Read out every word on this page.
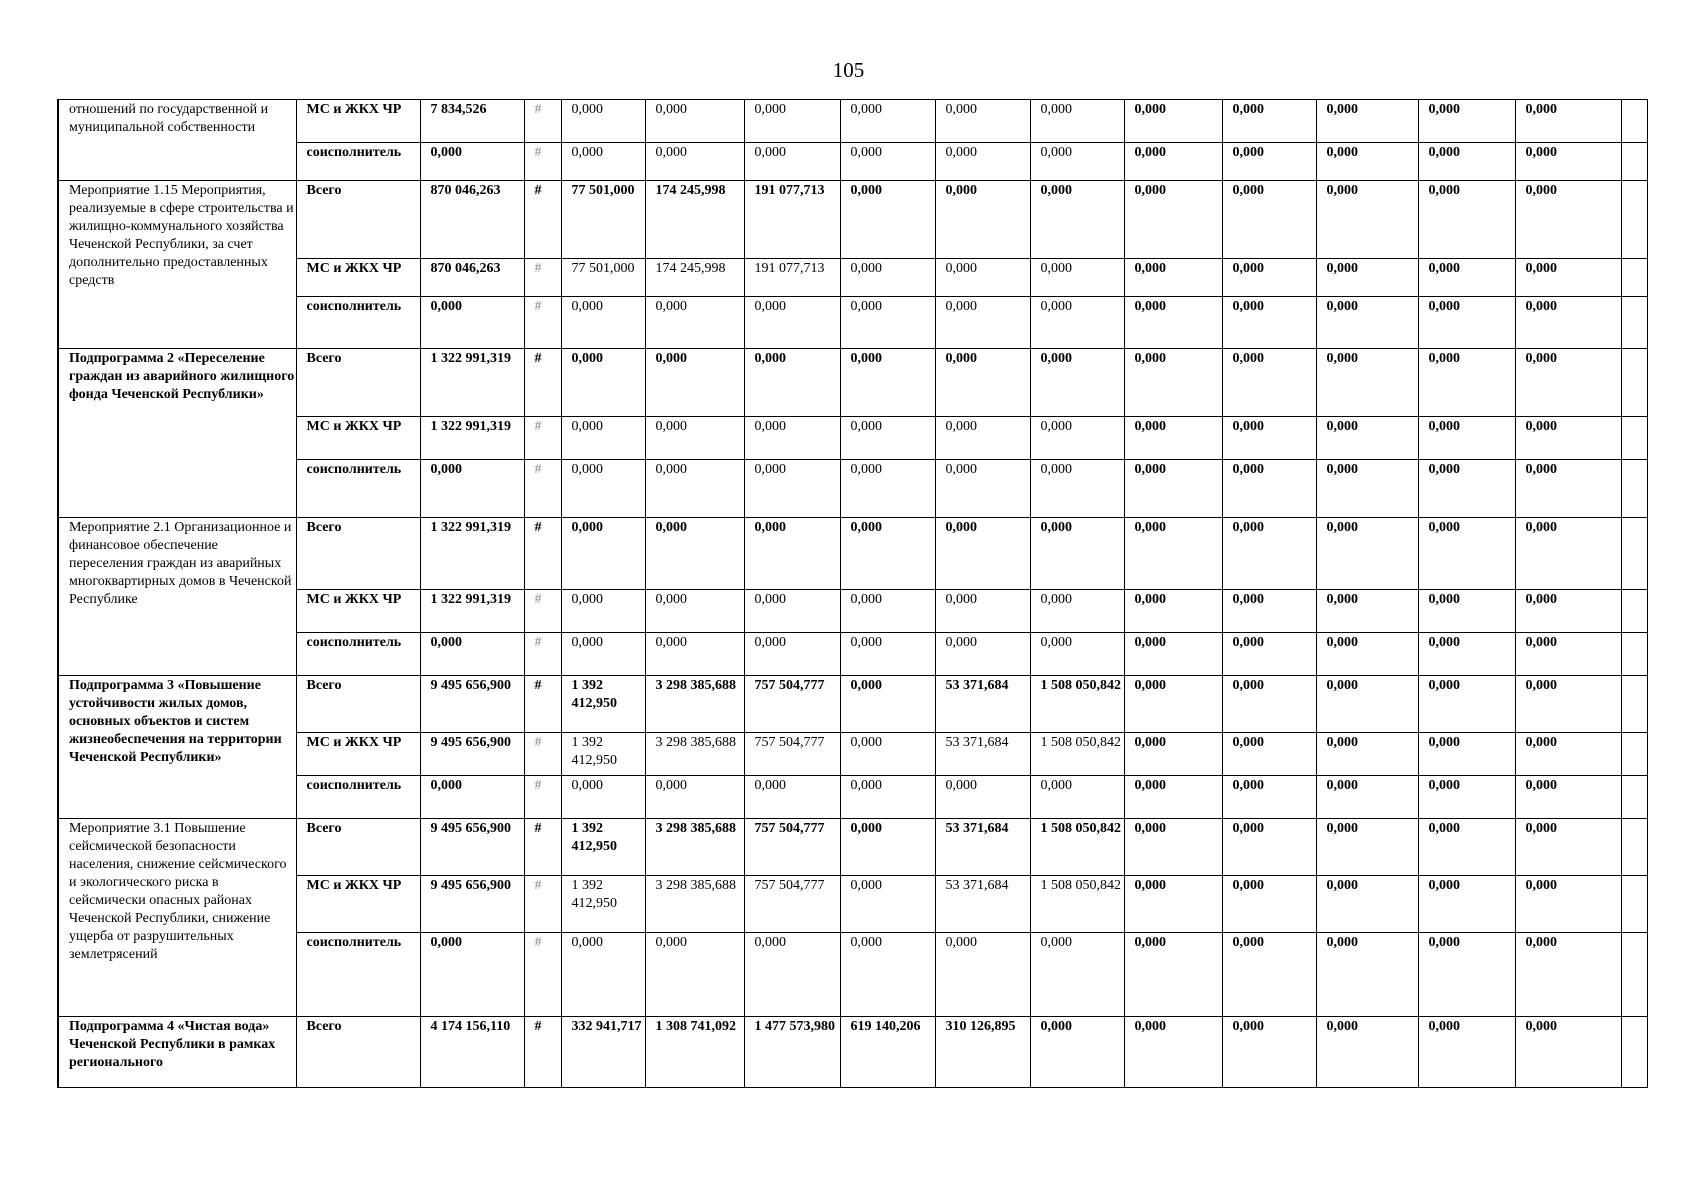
105
отношений по государственной и муниципальной собственности	МС и ЖКХ ЧР	7 834,526	#	0,000	0,000	0,000	0,000	0,000	0,000	0,000	0,000	0,000	0,000	0,000	
	соисполнитель	0,000	#	0,000	0,000	0,000	0,000	0,000	0,000	0,000	0,000	0,000	0,000	0,000	
Мероприятие 1.15 Мероприятия, реализуемые в сфере строительства и жилищно-коммунального хозяйства Чеченской Республики, за счет дополнительно предоставленных средств	Всего	870 046,263	#	77 501,000	174 245,998	191 077,713	0,000	0,000	0,000	0,000	0,000	0,000	0,000	0,000	
	МС и ЖКХ ЧР	870 046,263	#	77 501,000	174 245,998	191 077,713	0,000	0,000	0,000	0,000	0,000	0,000	0,000	0,000	
	соисполнитель	0,000	#	0,000	0,000	0,000	0,000	0,000	0,000	0,000	0,000	0,000	0,000	0,000	
Подпрограмма 2 «Переселение граждан из аварийного жилищного фонда Чеченской Республики»	Всего	1 322 991,319	#	0,000	0,000	0,000	0,000	0,000	0,000	0,000	0,000	0,000	0,000	0,000	
	МС и ЖКХ ЧР	1 322 991,319	#	0,000	0,000	0,000	0,000	0,000	0,000	0,000	0,000	0,000	0,000	0,000	
	соисполнитель	0,000	#	0,000	0,000	0,000	0,000	0,000	0,000	0,000	0,000	0,000	0,000	0,000	
Мероприятие 2.1 Организационное и финансовое обеспечение переселения граждан из аварийных многоквартирных домов в Чеченской Республике	Всего	1 322 991,319	#	0,000	0,000	0,000	0,000	0,000	0,000	0,000	0,000	0,000	0,000	0,000	
	МС и ЖКХ ЧР	1 322 991,319	#	0,000	0,000	0,000	0,000	0,000	0,000	0,000	0,000	0,000	0,000	0,000	
	соисполнитель	0,000	#	0,000	0,000	0,000	0,000	0,000	0,000	0,000	0,000	0,000	0,000	0,000	
Подпрограмма 3 «Повышение устойчивости жилых домов, основных объектов и систем жизнеобеспечения на территории Чеченской Республики»	Всего	9 495 656,900	#	1 392 412,950	3 298 385,688	757 504,777	0,000	53 371,684	1 508 050,842	0,000	0,000	0,000	0,000	0,000	
	МС и ЖКХ ЧР	9 495 656,900	#	1 392 412,950	3 298 385,688	757 504,777	0,000	53 371,684	1 508 050,842	0,000	0,000	0,000	0,000	0,000	
	соисполнитель	0,000	#	0,000	0,000	0,000	0,000	0,000	0,000	0,000	0,000	0,000	0,000	0,000	
Мероприятие 3.1 Повышение сейсмической безопасности населения, снижение сейсмического и экологического риска в сейсмически опасных районах Чеченской Республики, снижение ущерба от разрушительных землетрясений	Всего	9 495 656,900	#	1 392 412,950	3 298 385,688	757 504,777	0,000	53 371,684	1 508 050,842	0,000	0,000	0,000	0,000	0,000	
	МС и ЖКХ ЧР	9 495 656,900	#	1 392 412,950	3 298 385,688	757 504,777	0,000	53 371,684	1 508 050,842	0,000	0,000	0,000	0,000	0,000	
	соисполнитель	0,000	#	0,000	0,000	0,000	0,000	0,000	0,000	0,000	0,000	0,000	0,000	0,000	
Подпрограмма 4 «Чистая вода» Чеченской Республики в рамках регионального	Всего	4 174 156,110	#	332 941,717	1 308 741,092	1 477 573,980	619 140,206	310 126,895	0,000	0,000	0,000	0,000	0,000	0,000	
